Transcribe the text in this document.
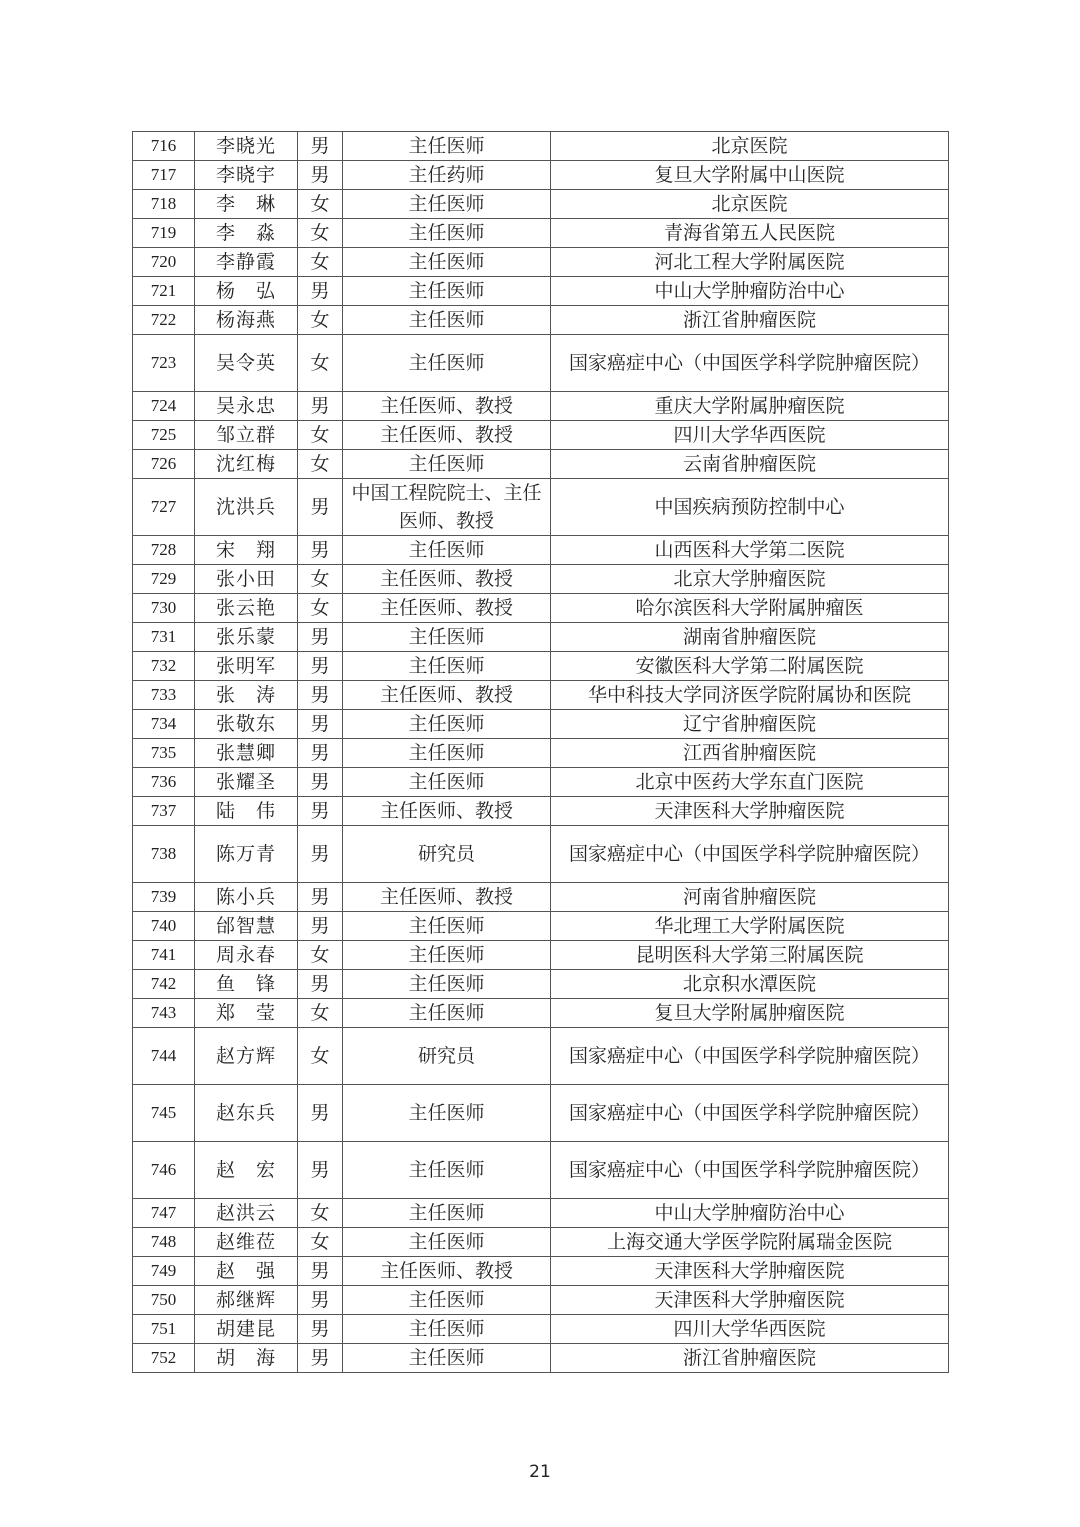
716	李晓光	男	主任医师	北京医院
717	李晓宇	男	主任药师	复旦大学附属中山医院
718	李　琳	女	主任医师	北京医院
719	李　淼	女	主任医师	青海省第五人民医院
720	李静霞	女	主任医师	河北工程大学附属医院
721	杨　弘	男	主任医师	中山大学肿瘤防治中心
722	杨海燕	女	主任医师	浙江省肿瘤医院
723	吴令英	女	主任医师	国家癌症中心（中国医学科学院肿瘤医院）
724	吴永忠	男	主任医师、教授	重庆大学附属肿瘤医院
725	邹立群	女	主任医师、教授	四川大学华西医院
726	沈红梅	女	主任医师	云南省肿瘤医院
727	沈洪兵	男	中国工程院院士、主任医师、教授	中国疾病预防控制中心
728	宋　翔	男	主任医师	山西医科大学第二医院
729	张小田	女	主任医师、教授	北京大学肿瘤医院
730	张云艳	女	主任医师、教授	哈尔滨医科大学附属肿瘤医
731	张乐蒙	男	主任医师	湖南省肿瘤医院
732	张明军	男	主任医师	安徽医科大学第二附属医院
733	张　涛	男	主任医师、教授	华中科技大学同济医学院附属协和医院
734	张敬东	男	主任医师	辽宁省肿瘤医院
735	张慧卿	男	主任医师	江西省肿瘤医院
736	张耀圣	男	主任医师	北京中医药大学东直门医院
737	陆　伟	男	主任医师、教授	天津医科大学肿瘤医院
738	陈万青	男	研究员	国家癌症中心（中国医学科学院肿瘤医院）
739	陈小兵	男	主任医师、教授	河南省肿瘤医院
740	邰智慧	男	主任医师	华北理工大学附属医院
741	周永春	女	主任医师	昆明医科大学第三附属医院
742	鱼　锋	男	主任医师	北京积水潭医院
743	郑　莹	女	主任医师	复旦大学附属肿瘤医院
744	赵方辉	女	研究员	国家癌症中心（中国医学科学院肿瘤医院）
745	赵东兵	男	主任医师	国家癌症中心（中国医学科学院肿瘤医院）
746	赵　宏	男	主任医师	国家癌症中心（中国医学科学院肿瘤医院）
747	赵洪云	女	主任医师	中山大学肿瘤防治中心
748	赵维莅	女	主任医师	上海交通大学医学院附属瑞金医院
749	赵　强	男	主任医师、教授	天津医科大学肿瘤医院
750	郝继辉	男	主任医师	天津医科大学肿瘤医院
751	胡建昆	男	主任医师	四川大学华西医院
752	胡　海	男	主任医师	浙江省肿瘤医院
21
